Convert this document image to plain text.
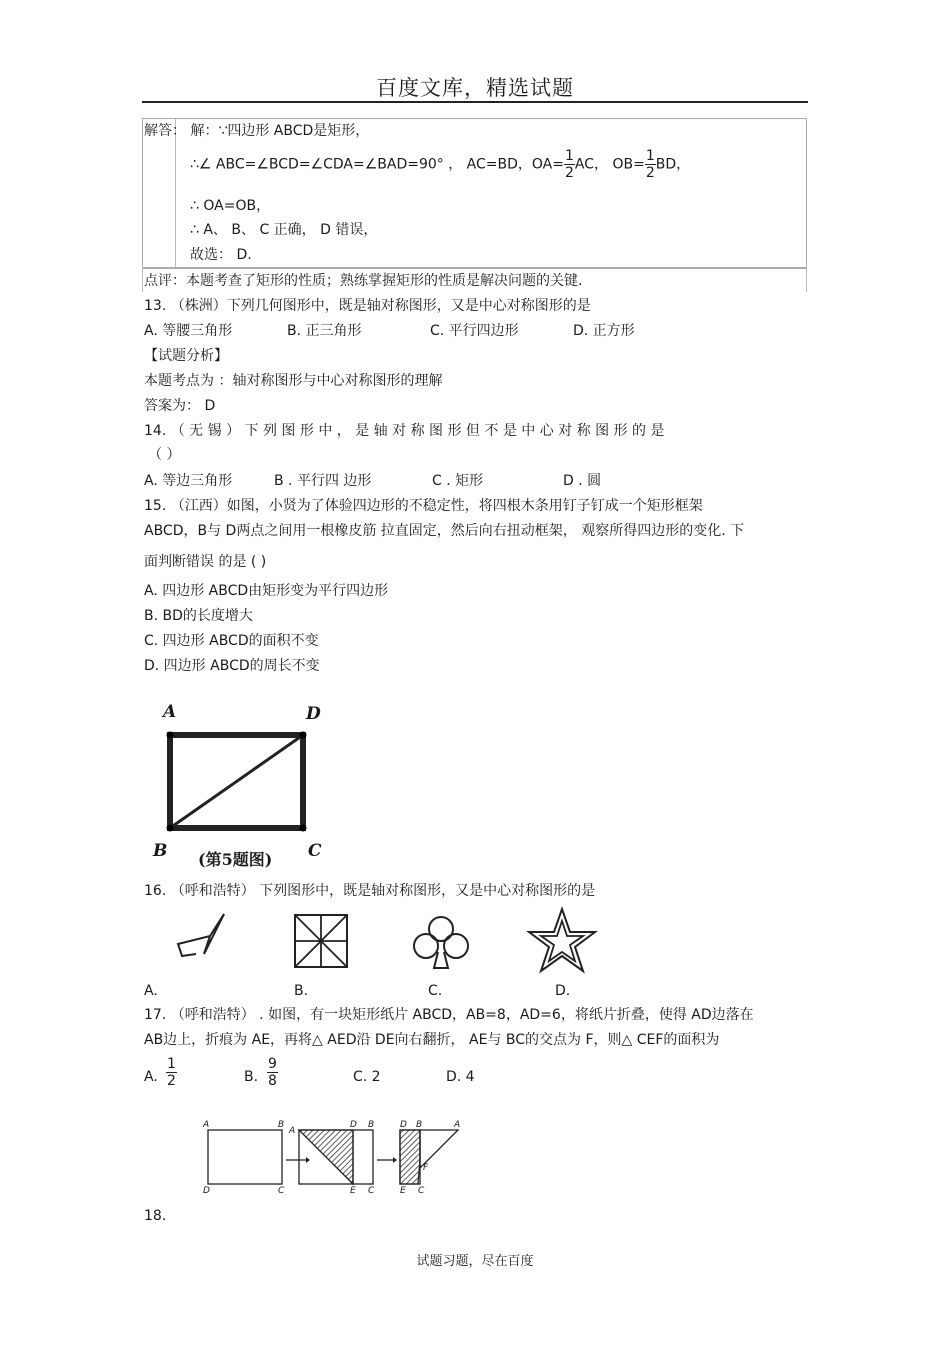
百度文库，精选试题
解答： 解：∵四边形 ABCD是矩形，
∴∠ ABC=∠BCD=∠CDA=∠BAD=90° ， AC=BD，$OA= \frac{1}{2}$ AC， $OB= \frac{1}{2}$ BD，
∴ OA=OB，
∴ A、 B、 C 正确， D 错误，
故选： D.
点评：本题考查了矩形的性质；熟练掌握矩形的性质是解决问题的关键.
13. （株洲）下列几何图形中，既是轴对称图形，又是中心对称图形的是
A. 等腰三角形	B. 正三角形	C. 平行四边形	D. 正方形
【试题分析】
本题考点为 ：轴对称图形与中心对称图形的理解
答案为： D
14. （ 无 锡 ） 下 列 图 形 中 ， 是 轴 对 称 图 形 但 不 是 中 心 对 称 图 形 的 是
（ ）
A. 等边三角形	B . 平行四 边形	C . 矩形	D . 圆
15. （江西）如图，小贤为了体验四边形的不稳定性，将四根木条用钉子钉成一个矩形框架
ABCD，B与 D两点之间用一根橡皮筋 拉直固定，然后向右扭动框架， 观察所得四边形的变化. 下
面判断错误 的是 ( )
A. 四边形 ABCD由矩形变为平行四边形
B. BD的长度增大
C. 四边形 ABCD的面积不变
D. 四边形 ABCD的周长不变
A	D
B	C
(第5题图)
16. （呼和浩特） 下列图形中，既是轴对称图形，又是中心对称图形的是
A.	B.	C.	D.
17. （呼和浩特） . 如图，有一块矩形纸片 ABCD，AB=8，AD=6，将纸片折叠，使得 AD边落在
AB边上，折痕为 AE，再将△ AED沿 DE向右翻折， AE与 BC的交点为 F，则△ CEF的面积为
A. $\frac{1}{2}$	B. $\frac{9}{8}$	C. 2	D. 4
A	B
D	C
A
D B
E C
D B	A
F
E C
18.
试题习题，尽在百度
